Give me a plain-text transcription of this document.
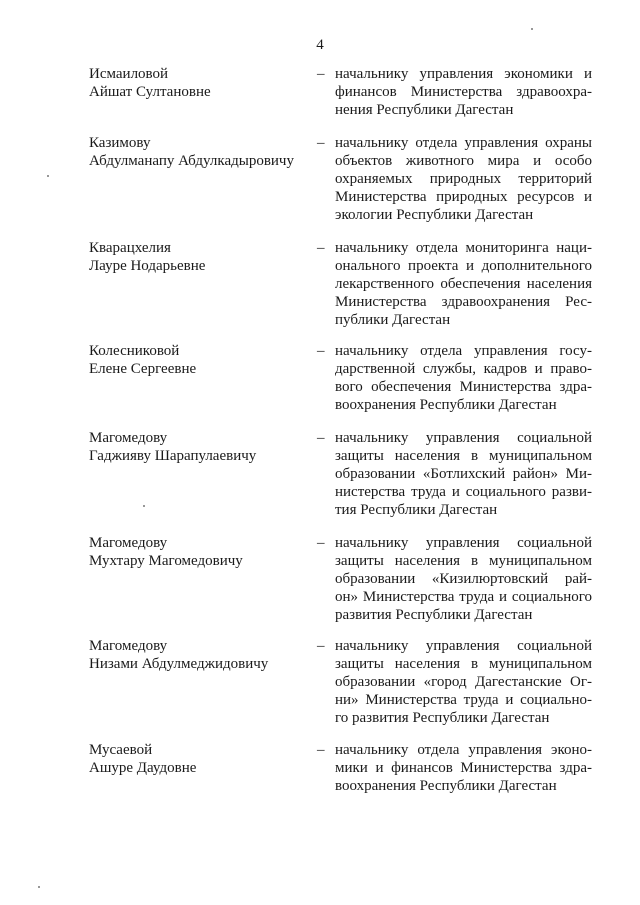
4
Исмаиловой
Айшат Султановне
– начальнику управления экономики и
финансов Министерства здравоохра-
нения Республики Дагестан
Казимову
Абдулманапу Абдулкадыровичу
– начальнику отдела управления охраны
объектов животного мира и особо
охраняемых природных территорий
Министерства природных ресурсов и
экологии Республики Дагестан
Кварацхелия
Лауре Нодарьевне
– начальнику отдела мониторинга наци-
онального проекта и дополнительного
лекарственного обеспечения населения
Министерства здравоохранения Рес-
публики Дагестан
Колесниковой
Елене Сергеевне
– начальнику отдела управления госу-
дарственной службы, кадров и право-
вого обеспечения Министерства здра-
воохранения Республики Дагестан
Магомедову
Гаджияву Шарапулаевичу
– начальнику управления социальной
защиты населения в муниципальном
образовании «Ботлихский район» Ми-
нистерства труда и социального разви-
тия Республики Дагестан
Магомедову
Мухтару Магомедовичу
– начальнику управления социальной
защиты населения в муниципальном
образовании «Кизилюртовский рай-
он» Министерства труда и социального
развития Республики Дагестан
Магомедову
Низами Абдулмеджидовичу
– начальнику управления социальной
защиты населения в муниципальном
образовании «город Дагестанские Ог-
ни» Министерства труда и социально-
го развития Республики Дагестан
Мусаевой
Ашуре Даудовне
– начальнику отдела управления эконо-
мики и финансов Министерства здра-
воохранения Республики Дагестан
